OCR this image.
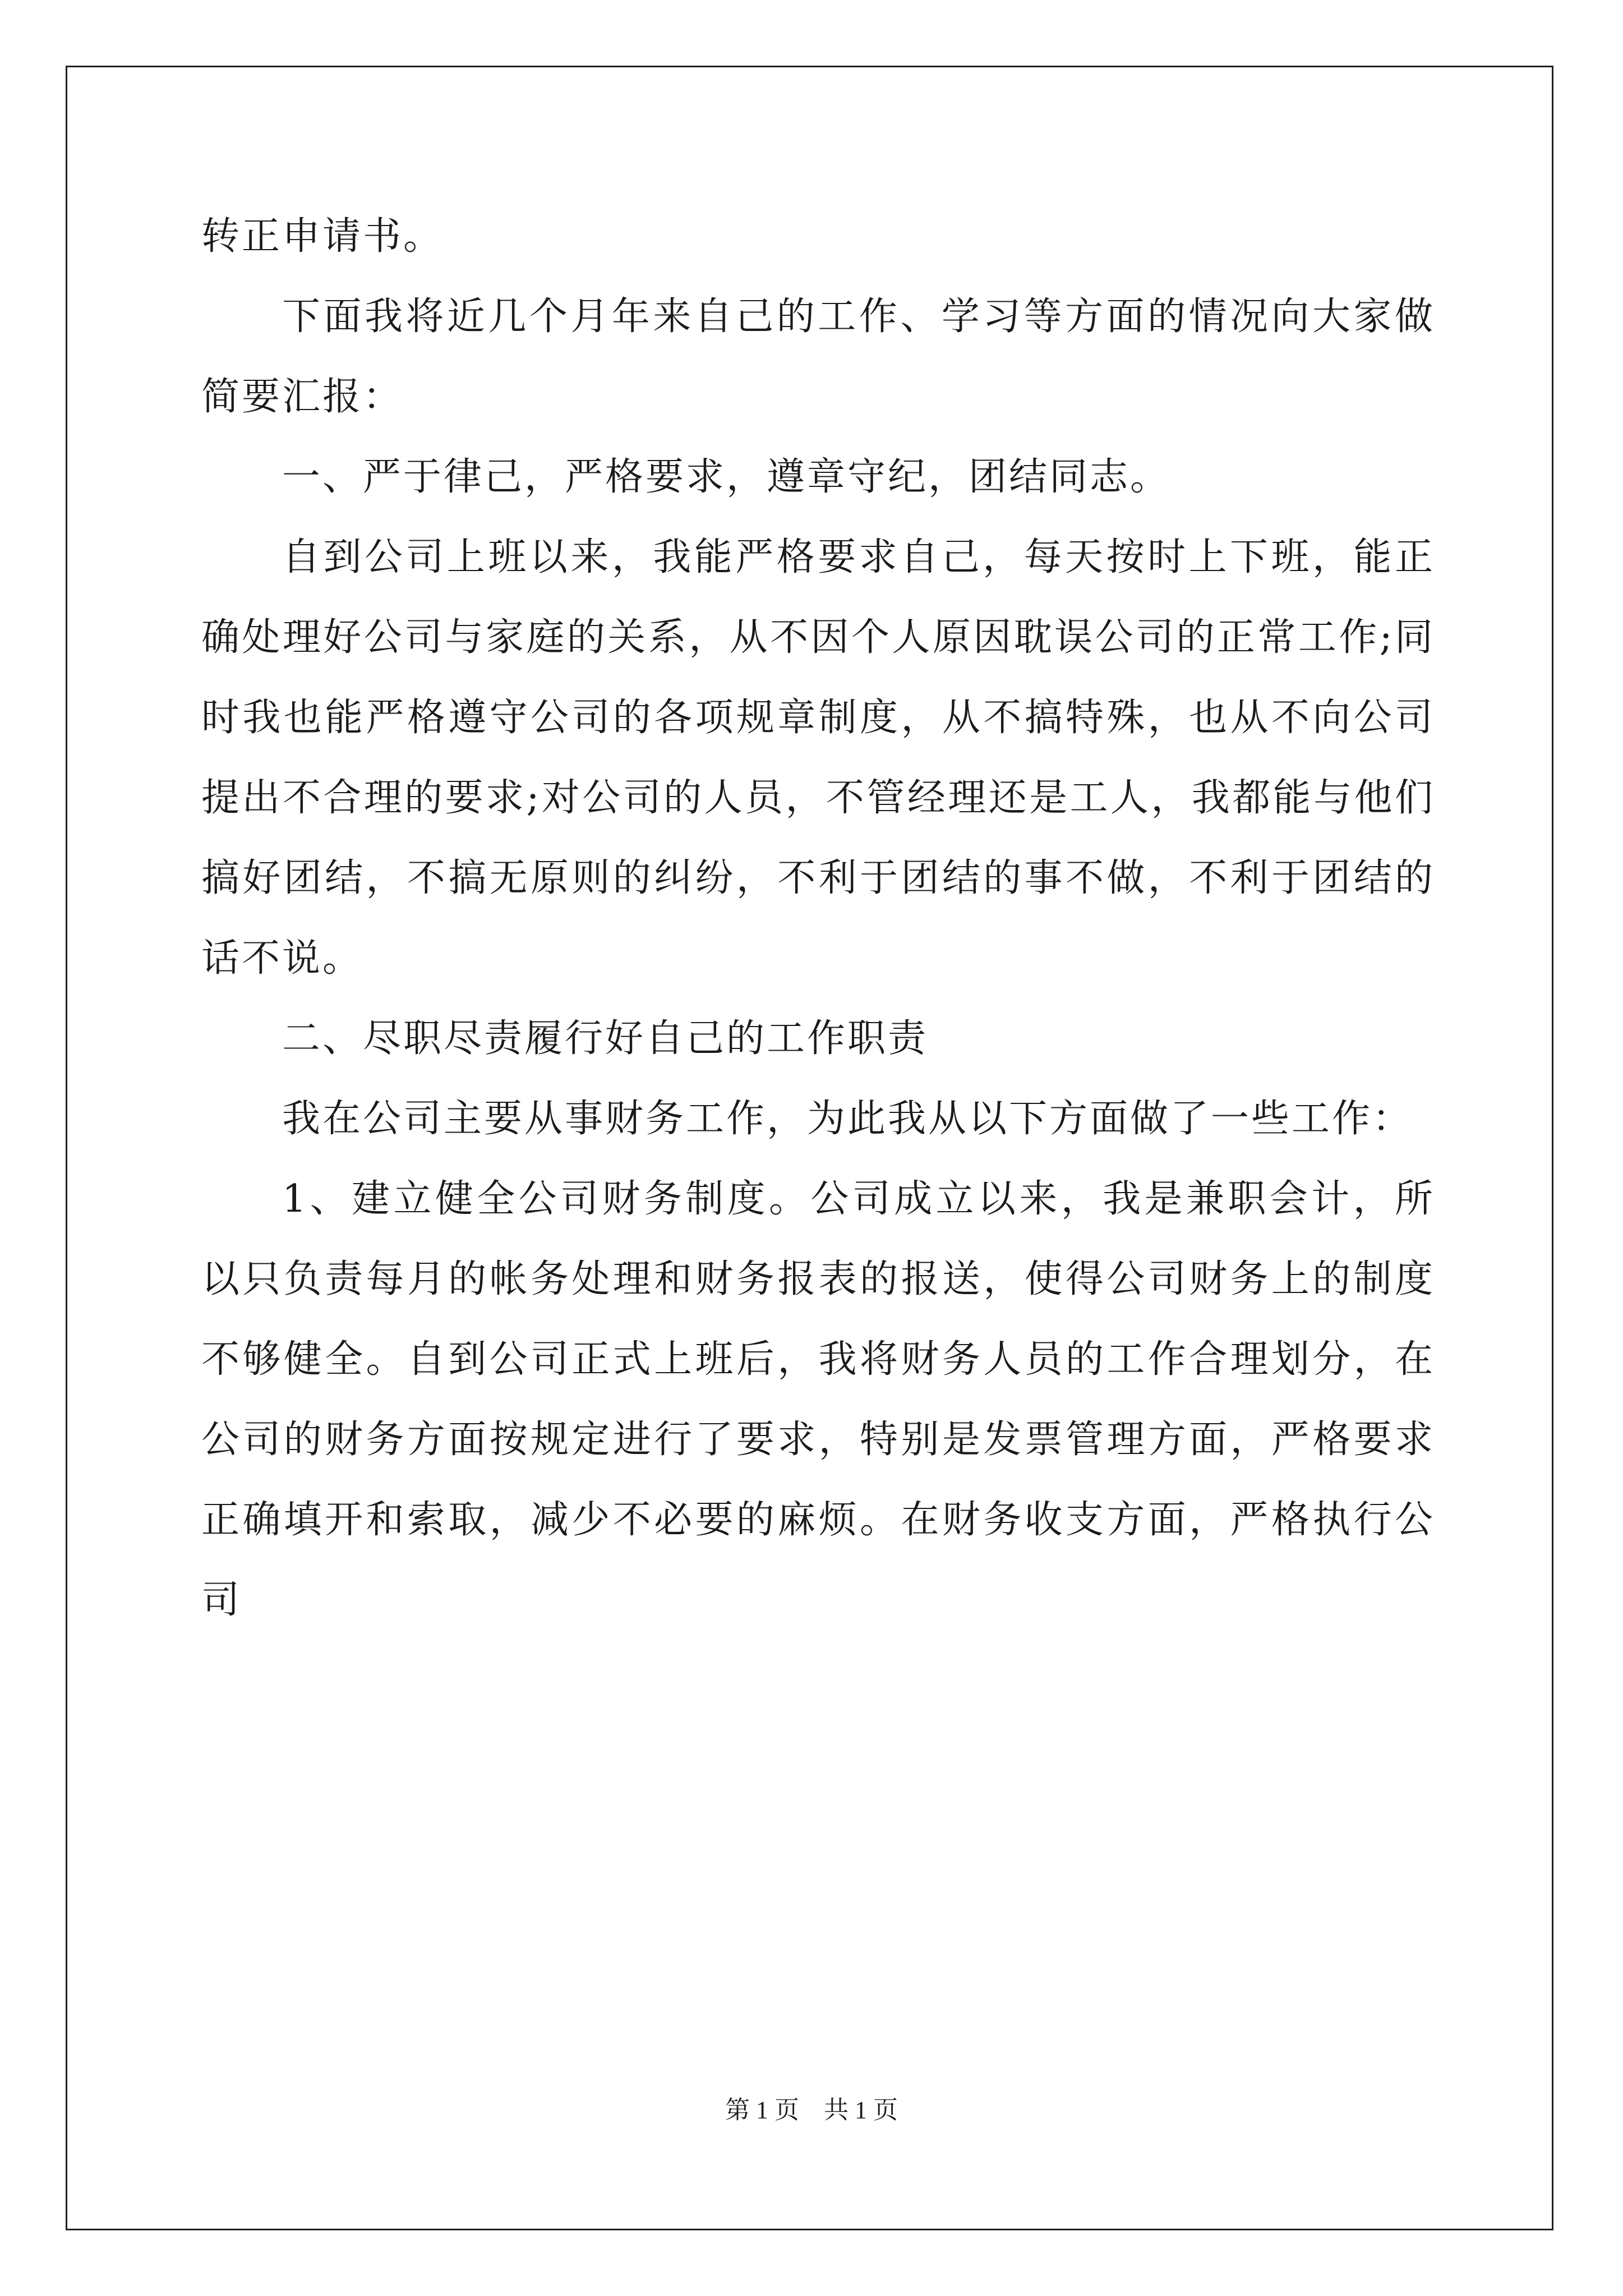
转正申请书。

下面我将近几个月年来自己的工作、学习等方面的情况向大家做简要汇报：

一、严于律己，严格要求，遵章守纪，团结同志。

自到公司上班以来，我能严格要求自己，每天按时上下班，能正确处理好公司与家庭的关系，从不因个人原因耽误公司的正常工作;同时我也能严格遵守公司的各项规章制度，从不搞特殊，也从不向公司提出不合理的要求;对公司的人员，不管经理还是工人，我都能与他们搞好团结，不搞无原则的纠纷，不利于团结的事不做，不利于团结的话不说。

二、尽职尽责履行好自己的工作职责

我在公司主要从事财务工作，为此我从以下方面做了一些工作：

1、建立健全公司财务制度。公司成立以来，我是兼职会计，所以只负责每月的帐务处理和财务报表的报送，使得公司财务上的制度不够健全。自到公司正式上班后，我将财务人员的工作合理划分，在公司的财务方面按规定进行了要求，特别是发票管理方面，严格要求正确填开和索取，减少不必要的麻烦。在财务收支方面，严格执行公司

第 1 页　共 1 页
